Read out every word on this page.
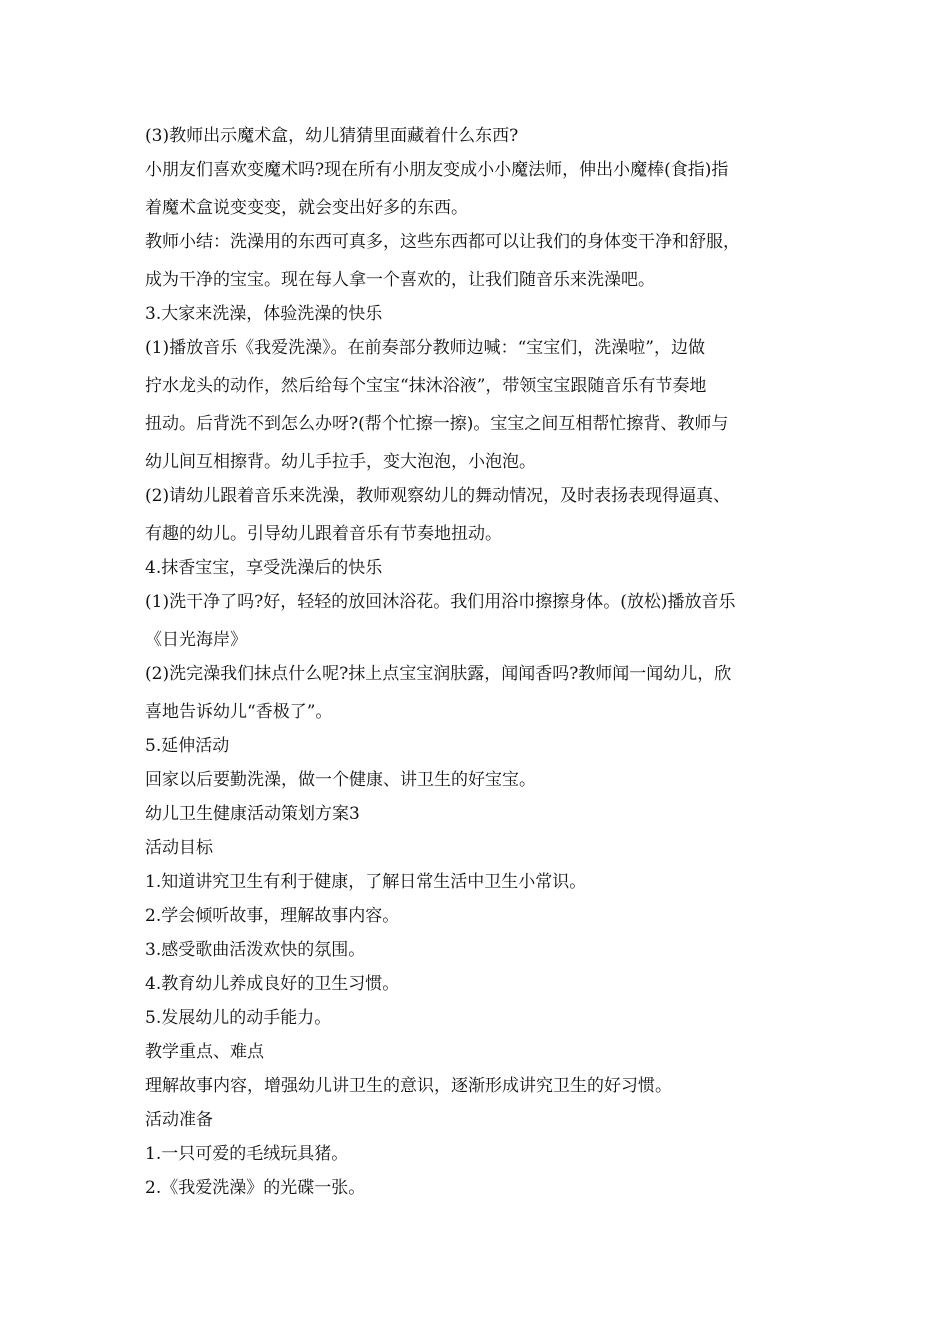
(3)教师出示魔术盒，幼儿猜猜里面藏着什么东西?
小朋友们喜欢变魔术吗?现在所有小朋友变成小小魔法师，伸出小魔棒(食指)指
着魔术盒说变变变，就会变出好多的东西。
教师小结：洗澡用的东西可真多，这些东西都可以让我们的身体变干净和舒服，
成为干净的宝宝。现在每人拿一个喜欢的，让我们随音乐来洗澡吧。
3.大家来洗澡，体验洗澡的快乐
(1)播放音乐《我爱洗澡》。在前奏部分教师边喊：“宝宝们，洗澡啦”，边做
拧水龙头的动作，然后给每个宝宝“抹沐浴液”，带领宝宝跟随音乐有节奏地
扭动。后背洗不到怎么办呀?(帮个忙擦一擦)。宝宝之间互相帮忙擦背、教师与
幼儿间互相擦背。幼儿手拉手，变大泡泡，小泡泡。
(2)请幼儿跟着音乐来洗澡，教师观察幼儿的舞动情况，及时表扬表现得逼真、
有趣的幼儿。引导幼儿跟着音乐有节奏地扭动。
4.抹香宝宝，享受洗澡后的快乐
(1)洗干净了吗?好，轻轻的放回沐浴花。我们用浴巾擦擦身体。(放松)播放音乐
《日光海岸》
(2)洗完澡我们抹点什么呢?抹上点宝宝润肤露，闻闻香吗?教师闻一闻幼儿，欣
喜地告诉幼儿“香极了”。
5.延伸活动
回家以后要勤洗澡，做一个健康、讲卫生的好宝宝。
幼儿卫生健康活动策划方案3
活动目标
1.知道讲究卫生有利于健康，了解日常生活中卫生小常识。
2.学会倾听故事，理解故事内容。
3.感受歌曲活泼欢快的氛围。
4.教育幼儿养成良好的卫生习惯。
5.发展幼儿的动手能力。
教学重点、难点
理解故事内容，增强幼儿讲卫生的意识，逐渐形成讲究卫生的好习惯。
活动准备
1.一只可爱的毛绒玩具猪。
2.《我爱洗澡》的光碟一张。
